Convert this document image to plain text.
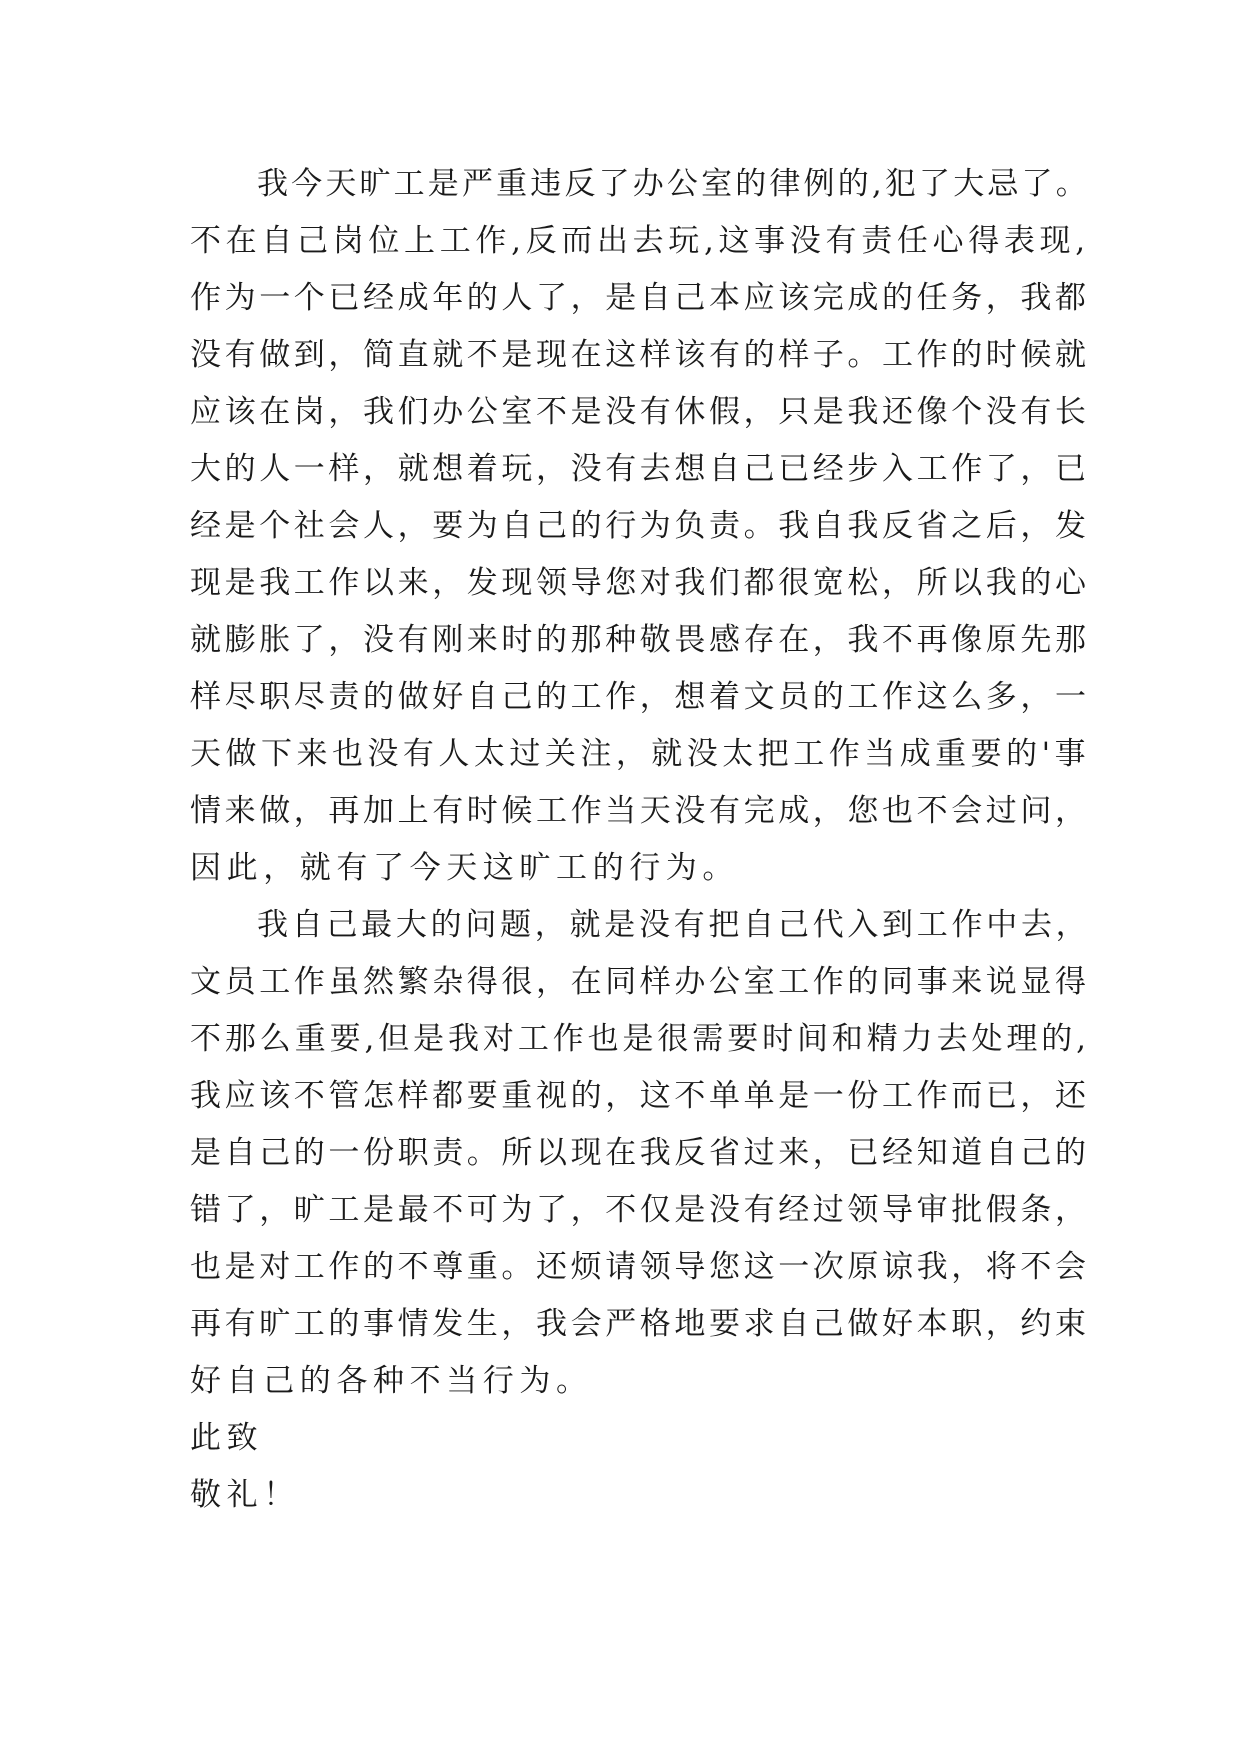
我今天旷工是严重违反了办公室的律例的,犯了大忌了。
不在自己岗位上工作,反而出去玩,这事没有责任心得表现,
作为一个已经成年的人了，是自己本应该完成的任务，我都
没有做到，简直就不是现在这样该有的样子。工作的时候就
应该在岗，我们办公室不是没有休假，只是我还像个没有长
大的人一样，就想着玩，没有去想自己已经步入工作了，已
经是个社会人，要为自己的行为负责。我自我反省之后，发
现是我工作以来，发现领导您对我们都很宽松，所以我的心
就膨胀了，没有刚来时的那种敬畏感存在，我不再像原先那
样尽职尽责的做好自己的工作，想着文员的工作这么多，一
天做下来也没有人太过关注，就没太把工作当成重要的'事
情来做，再加上有时候工作当天没有完成，您也不会过问，
因此，就有了今天这旷工的行为。
我自己最大的问题，就是没有把自己代入到工作中去，
文员工作虽然繁杂得很，在同样办公室工作的同事来说显得
不那么重要,但是我对工作也是很需要时间和精力去处理的,
我应该不管怎样都要重视的，这不单单是一份工作而已，还
是自己的一份职责。所以现在我反省过来，已经知道自己的
错了，旷工是最不可为了，不仅是没有经过领导审批假条，
也是对工作的不尊重。还烦请领导您这一次原谅我，将不会
再有旷工的事情发生，我会严格地要求自己做好本职，约束
好自己的各种不当行为。
此致
敬礼！
